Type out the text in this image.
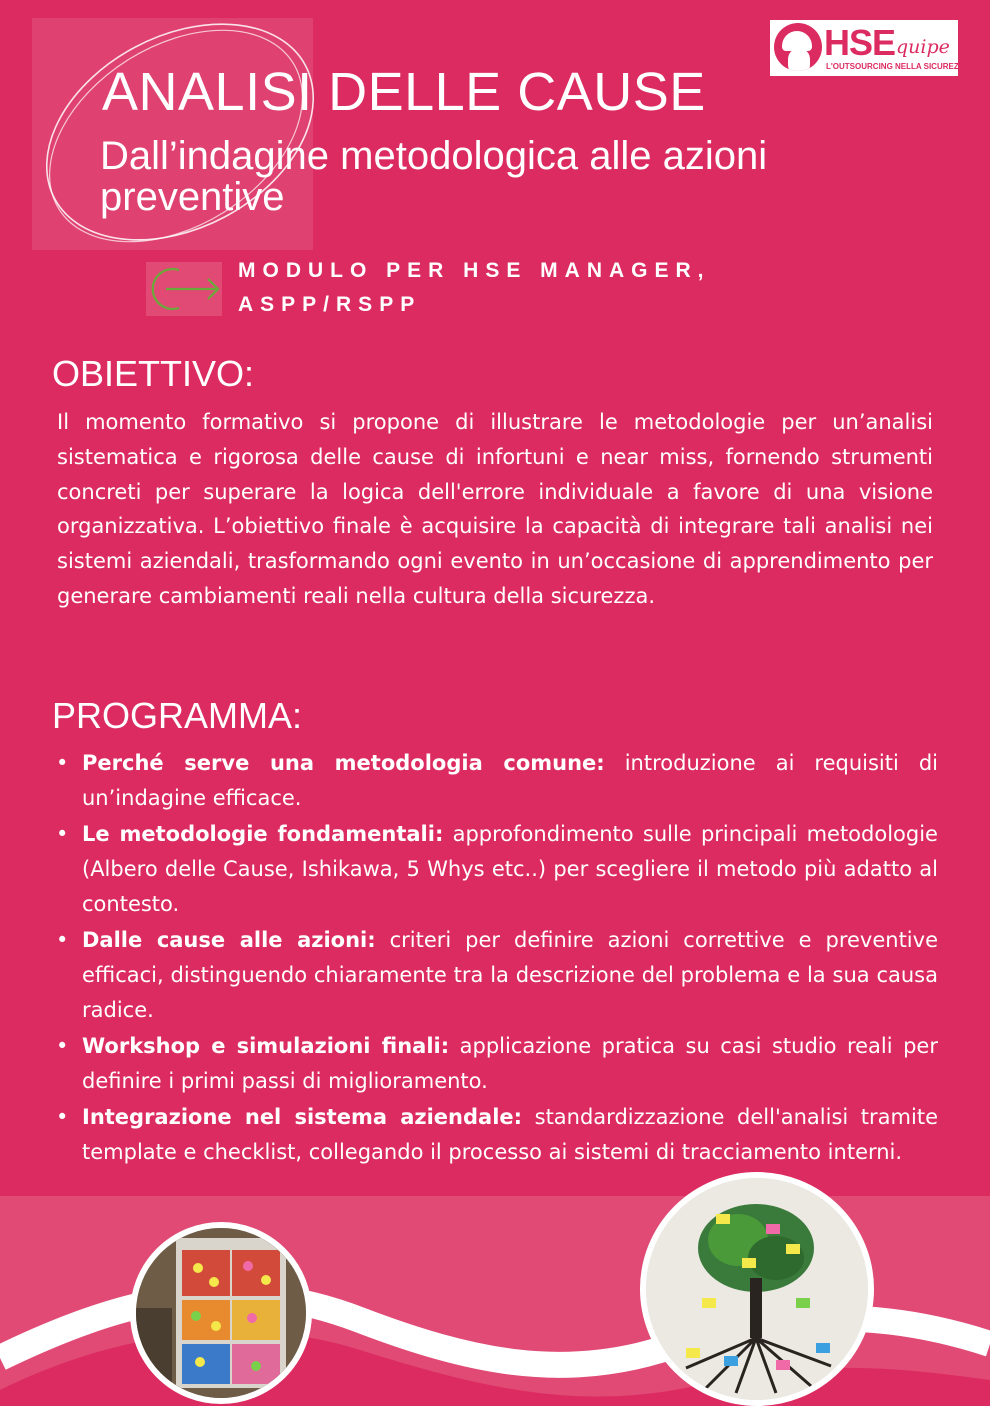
HSE quipe
L'OUTSOURCING NELLA SICUREZZA
ANALISI DELLE CAUSE
Dall’indagine metodologica alle azioni preventive
MODULO PER HSE MANAGER,
ASPP/RSPP
OBIETTIVO:

Il momento formativo si propone di illustrare le metodologie per un’analisi sistematica e rigorosa delle cause di infortuni e near miss, fornendo strumenti concreti per superare la logica dell'errore individuale a favore di una visione organizzativa. L’obiettivo finale è acquisire la capacità di integrare tali analisi nei sistemi aziendali, trasformando ogni evento in un’occasione di apprendimento per generare cambiamenti reali nella cultura della sicurezza.

PROGRAMMA:
• Perché serve una metodologia comune: introduzione ai requisiti di un’indagine efficace.
• Le metodologie fondamentali: approfondimento sulle principali metodologie (Albero delle Cause, Ishikawa, 5 Whys etc..) per scegliere il metodo più adatto al contesto.
• Dalle cause alle azioni: criteri per definire azioni correttive e preventive efficaci, distinguendo chiaramente tra la descrizione del problema e la sua causa radice.
• Workshop e simulazioni finali: applicazione pratica su casi studio reali per definire i primi passi di miglioramento.
• Integrazione nel sistema aziendale: standardizzazione dell'analisi tramite template e checklist, collegando il processo ai sistemi di tracciamento interni.
